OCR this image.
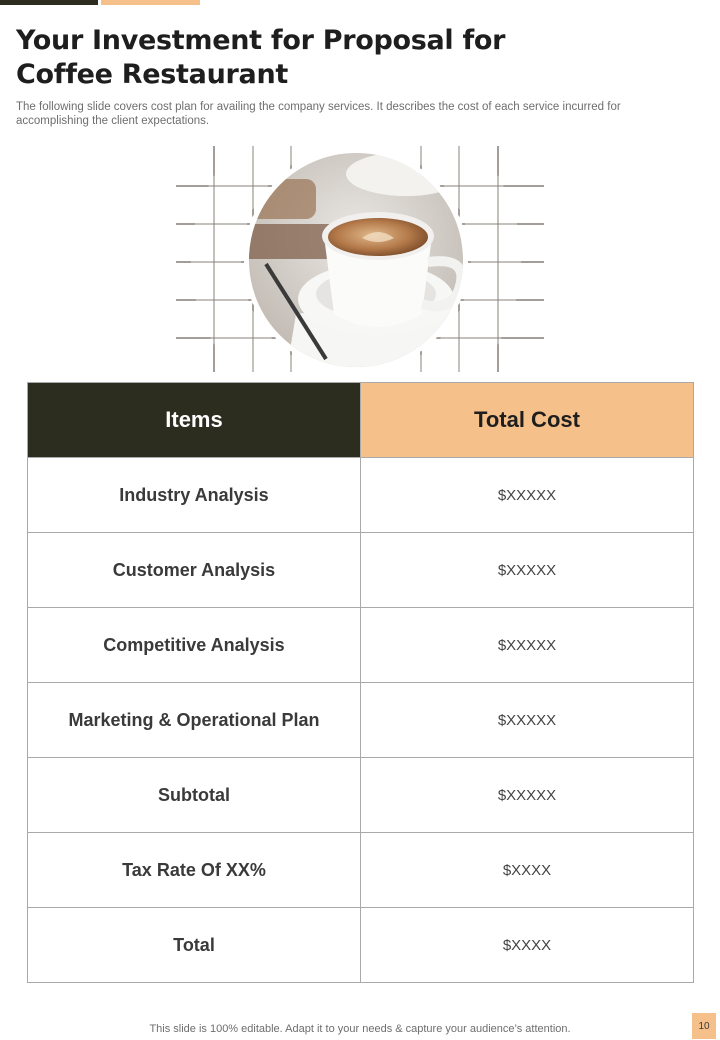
Your Investment for Proposal for Coffee Restaurant

The following slide covers cost plan for availing the company services. It describes the cost of each service incurred for accomplishing the client expectations.

Items	Total Cost
Industry Analysis	$XXXXX
Customer Analysis	$XXXXX
Competitive Analysis	$XXXXX
Marketing & Operational Plan	$XXXXX
Subtotal	$XXXXX
Tax Rate Of XX%	$XXXX
Total	$XXXX
This slide is 100% editable. Adapt it to your needs & capture your audience’s attention.	10
